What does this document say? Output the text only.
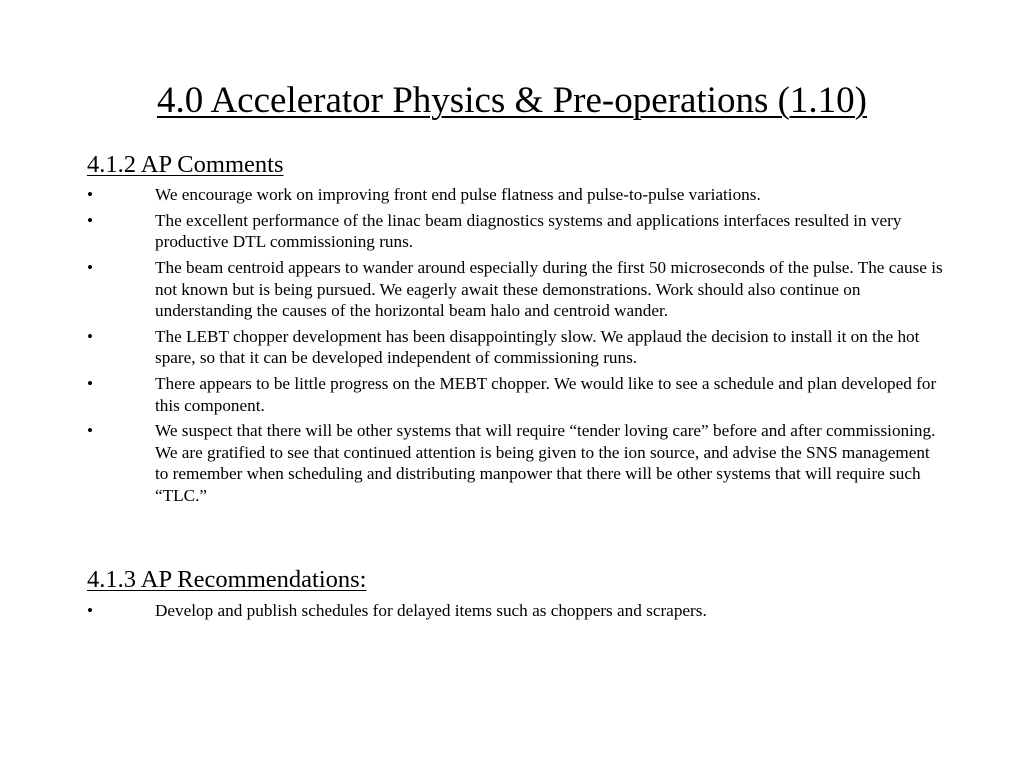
4.0 Accelerator Physics & Pre-operations (1.10)
4.1.2 AP Comments
•	We encourage work on improving front end pulse flatness and pulse-to-pulse variations.
•	The excellent performance of the linac beam diagnostics systems and applications interfaces resulted in very productive DTL commissioning runs.
•	The beam centroid appears to wander around especially during the first 50 microseconds of the pulse. The cause is not known but is being pursued. We eagerly await these demonstrations. Work should also continue on understanding the causes of the horizontal beam halo and centroid wander.
•	The LEBT chopper development has been disappointingly slow. We applaud the decision to install it on the hot spare, so that it can be developed independent of commissioning runs.
•	There appears to be little progress on the MEBT chopper. We would like to see a schedule and plan developed for this component.
•	We suspect that there will be other systems that will require “tender loving care” before and after commissioning. We are gratified to see that continued attention is being given to the ion source, and advise the SNS management to remember when scheduling and distributing manpower that there will be other systems that will require such “TLC.”
4.1.3 AP Recommendations:
•	Develop and publish schedules for delayed items such as choppers and scrapers.
